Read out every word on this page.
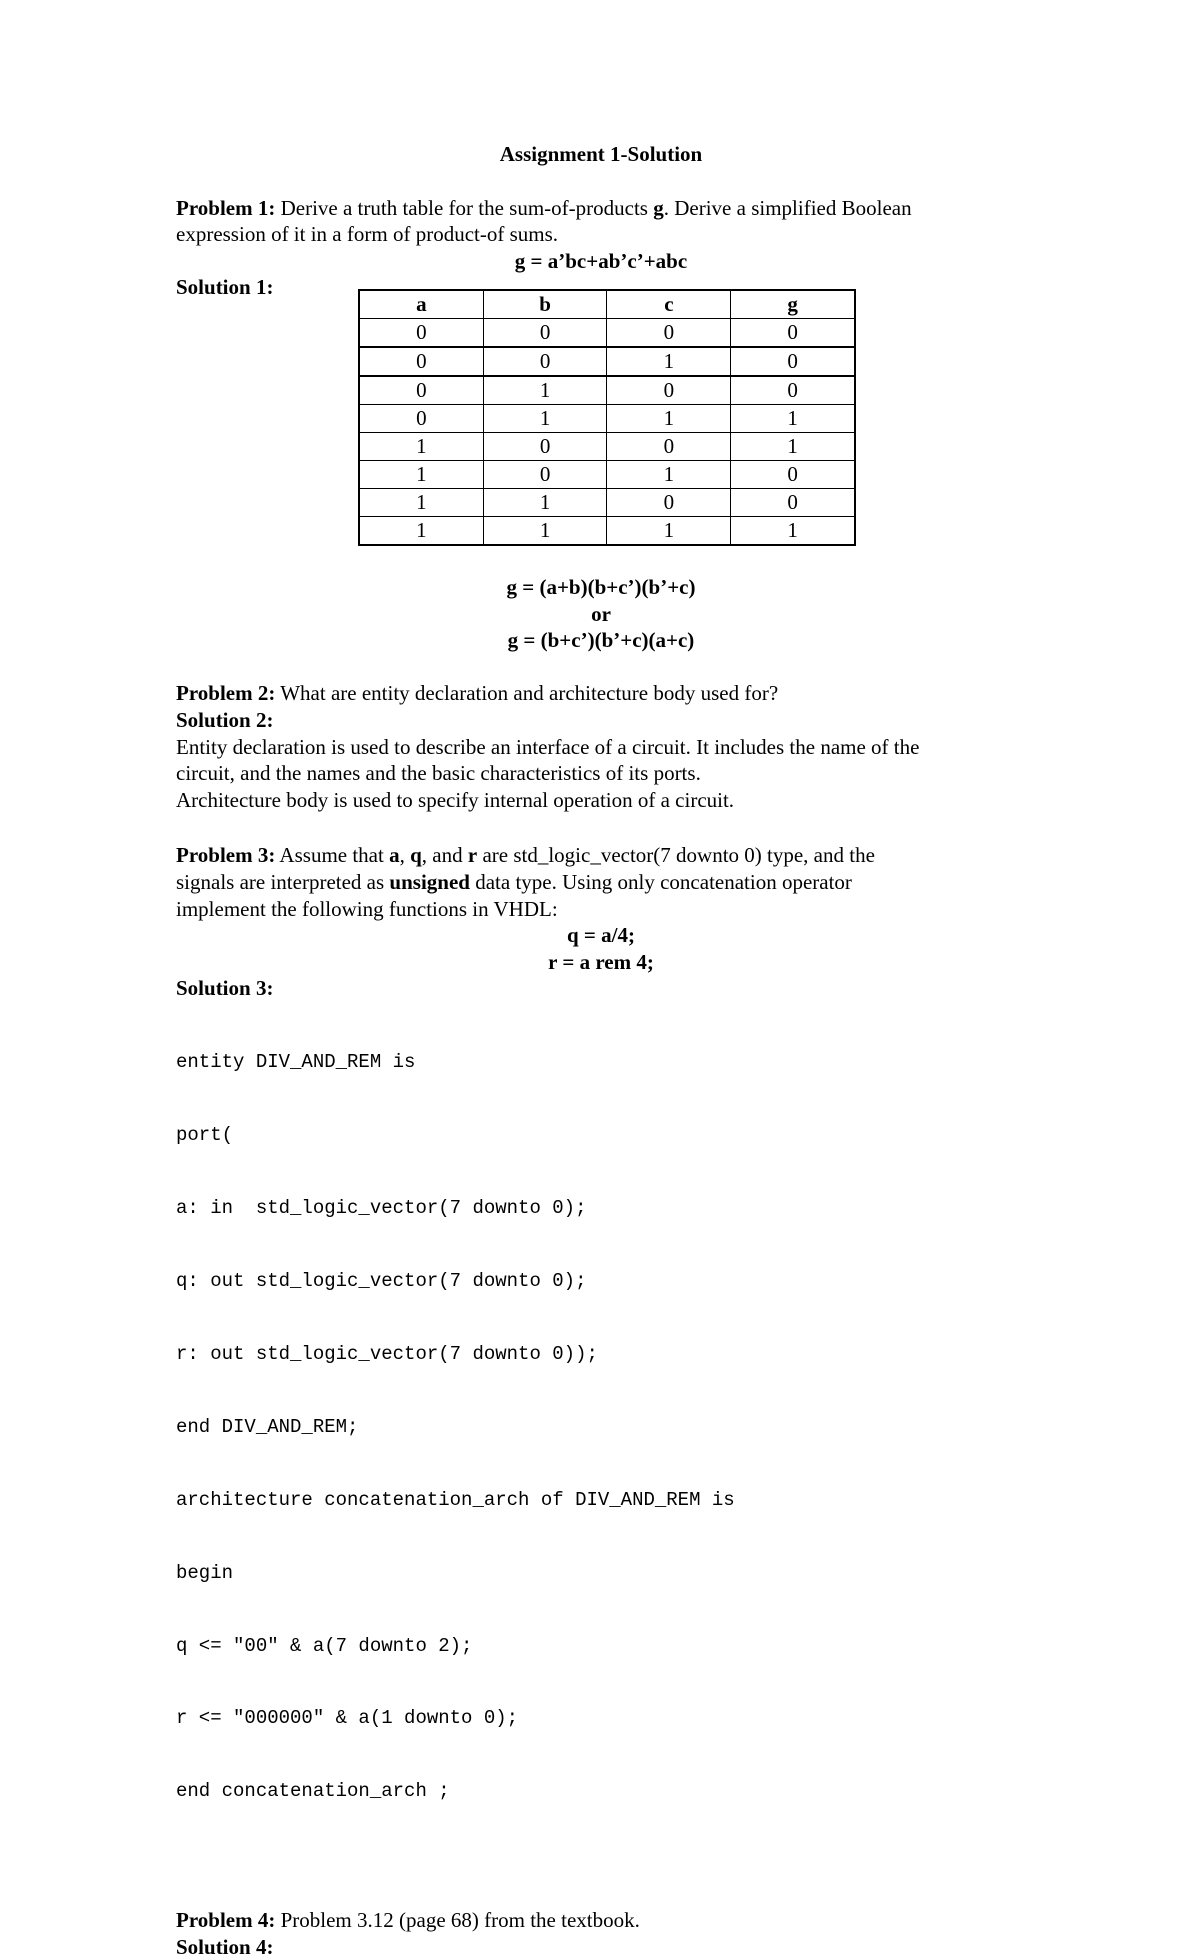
Assignment 1-Solution

Problem 1: Derive a truth table for the sum-of-products g. Derive a simplified Boolean

expression of it in a form of product-of sums.

g = a’bc+ab’c’+abc

Solution 1:

a	b	c	g
0	0	0	0
0	0	1	0
0	1	0	0
0	1	1	1
1	0	0	1
1	0	1	0
1	1	0	0
1	1	1	1

g = (a+b)(b+c’)(b’+c)

or

g = (b+c’)(b’+c)(a+c)

Problem 2: What are entity declaration and architecture body used for?

Solution 2:

Entity declaration is used to describe an interface of a circuit. It includes the name of the

circuit, and the names and the basic characteristics of its ports.

Architecture body is used to specify internal operation of a circuit.

Problem 3: Assume that a, q, and r are std_logic_vector(7 downto 0) type, and the

signals are interpreted as unsigned data type. Using only concatenation operator

implement the following functions in VHDL:

q = a/4;

r = a rem 4;

Solution 3:

entity DIV_AND_REM is

port(

a: in  std_logic_vector(7 downto 0);

q: out std_logic_vector(7 downto 0);

r: out std_logic_vector(7 downto 0));

end DIV_AND_REM;

architecture concatenation_arch of DIV_AND_REM is

begin

q <= "00" & a(7 downto 2);

r <= "000000" & a(1 downto 0);

end concatenation_arch ;

Problem 4: Problem 3.12 (page 68) from the textbook.

Solution 4:
